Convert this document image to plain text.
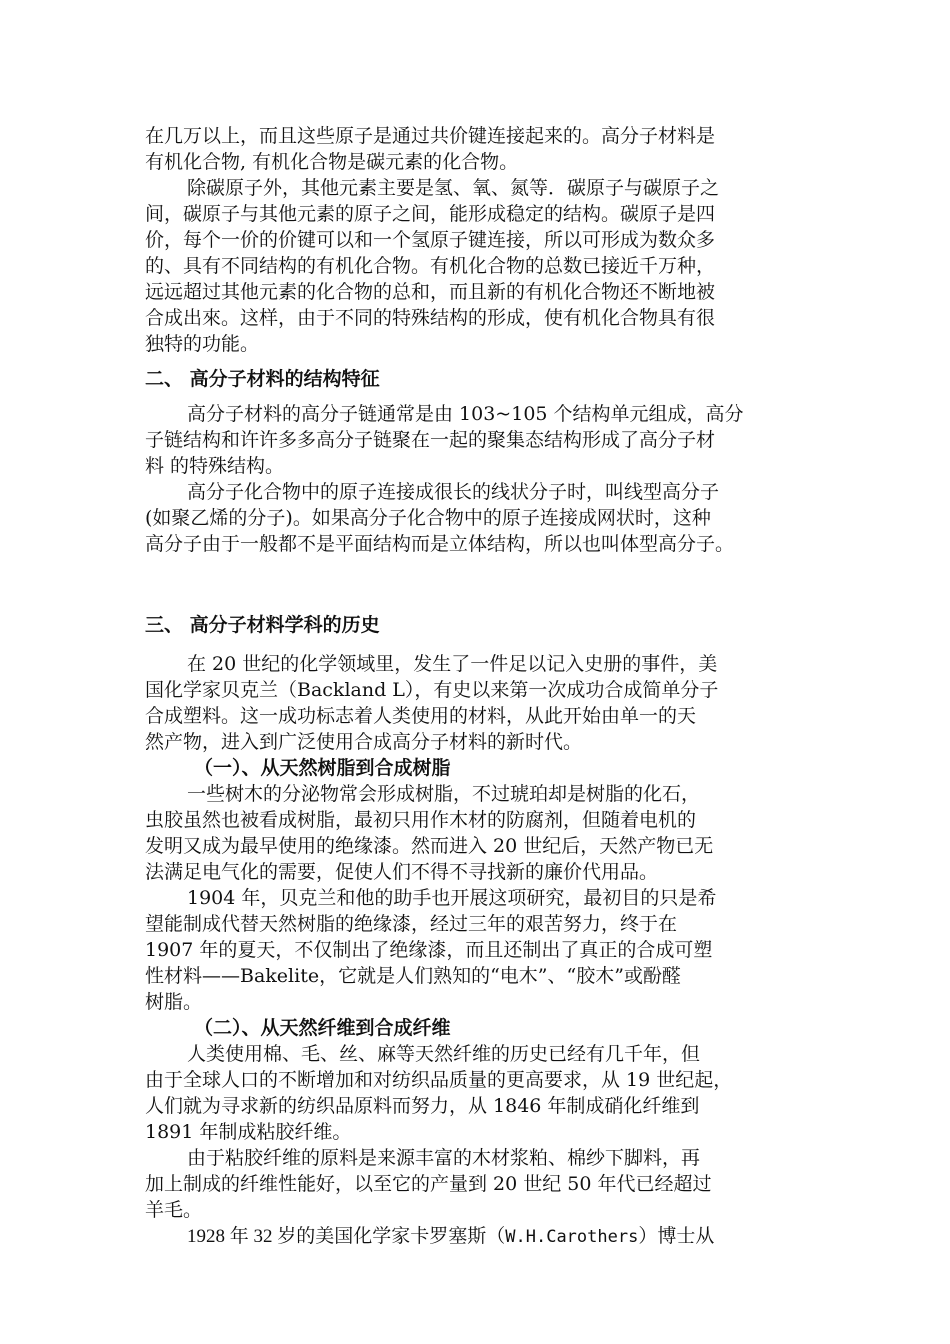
在几万以上，而且这些原子是通过共价键连接起来的。高分子材料是
有机化合物, 有机化合物是碳元素的化合物。
除碳原子外，其他元素主要是氢、氧、氮等．碳原子与碳原子之
间，碳原子与其他元素的原子之间，能形成稳定的结构。碳原子是四
价，每个一价的价键可以和一个氢原子键连接，所以可形成为数众多
的、具有不同结构的有机化合物。有机化合物的总数已接近千万种，
远远超过其他元素的化合物的总和，而且新的有机化合物还不断地被
合成出來。这样，由于不同的特殊结构的形成，使有机化合物具有很
独特的功能。
二、 高分子材料的结构特征
高分子材料的高分子链通常是由 103~105 个结构单元组成，高分
子链结构和许许多多高分子链聚在一起的聚集态结构形成了高分子材
料 的特殊结构。
高分子化合物中的原子连接成很长的线状分子时，叫线型高分子
(如聚乙烯的分子)。如果高分子化合物中的原子连接成网状时，这种
高分子由于一般都不是平面结构而是立体结构，所以也叫体型高分子。
三、 高分子材料学科的历史
在 20 世纪的化学领域里，发生了一件足以记入史册的事件，美
国化学家贝克兰（Backland L），有史以来第一次成功合成简单分子
合成塑料。这一成功标志着人类使用的材料，从此开始由单一的天
然产物，进入到广泛使用合成高分子材料的新时代。
（一）、从天然树脂到合成树脂
一些树木的分泌物常会形成树脂，不过琥珀却是树脂的化石，
虫胶虽然也被看成树脂，最初只用作木材的防腐剂，但随着电机的
发明又成为最早使用的绝缘漆。然而进入 20 世纪后，天然产物已无
法满足电气化的需要，促使人们不得不寻找新的廉价代用品。
1904 年，贝克兰和他的助手也开展这项研究，最初目的只是希
望能制成代替天然树脂的绝缘漆，经过三年的艰苦努力，终于在
1907 年的夏天，不仅制出了绝缘漆，而且还制出了真正的合成可塑
性材料——Bakelite，它就是人们熟知的“电木”、“胶木”或酚醛
树脂。
（二）、从天然纤维到合成纤维
人类使用棉、毛、丝、麻等天然纤维的历史已经有几千年，但
由于全球人口的不断增加和对纺织品质量的更高要求，从 19 世纪起，
人们就为寻求新的纺织品原料而努力，从 1846 年制成硝化纤维到
1891 年制成粘胶纤维。
由于粘胶纤维的原料是来源丰富的木材浆粕、棉纱下脚料，再
加上制成的纤维性能好，以至它的产量到 20 世纪 50 年代已经超过
羊毛。
1928 年 32 岁的美国化学家卡罗塞斯（W.H.Carothers）博士从
